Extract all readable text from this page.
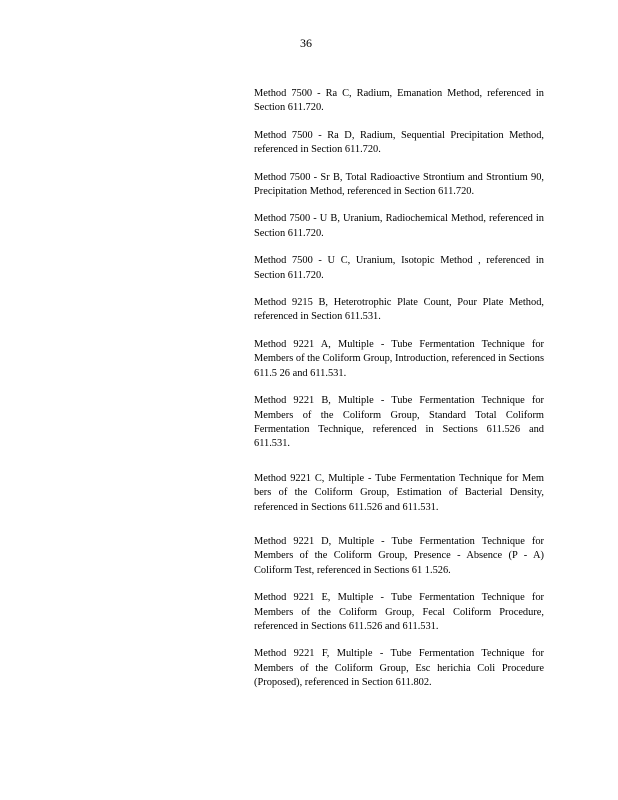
36
Method 7500 - Ra C, Radium, Emanation Method, referenced in Section 611.720.
Method 7500 - Ra D, Radium, Sequential Precipitation Method, referenced in Section 611.720.
Method 7500 - Sr B, Total Radioactive Strontium and Strontium 90, Precipitation Method, referenced in Section 611.720.
Method 7500 - U B, Uranium, Radiochemical Method, referenced in Section 611.720.
Method 7500 - U C, Uranium, Isotopic Method , referenced in Section 611.720.
Method 9215 B, Heterotrophic Plate Count, Pour Plate Method, referenced in Section 611.531.
Method 9221 A, Multiple - Tube Fermentation Technique for Members of the Coliform Group, Introduction, referenced in Sections 611.5 26 and 611.531.
Method 9221 B, Multiple - Tube Fermentation Technique for Members of the Coliform Group, Standard Total Coliform Fermentation Technique, referenced in Sections 611.526 and 611.531.
Method 9221 C, Multiple - Tube Fermentation Technique for Mem bers of the Coliform Group, Estimation of Bacterial Density, referenced in Sections 611.526 and 611.531.
Method 9221 D, Multiple - Tube Fermentation Technique for Members of the Coliform Group, Presence - Absence (P - A) Coliform Test, referenced in Sections 61 1.526.
Method 9221 E, Multiple - Tube Fermentation Technique for Members of the Coliform Group, Fecal Coliform Procedure, referenced in Sections 611.526 and 611.531.
Method 9221 F, Multiple - Tube Fermentation Technique for Members of the Coliform Group, Esc herichia Coli Procedure (Proposed), referenced in Section 611.802.
